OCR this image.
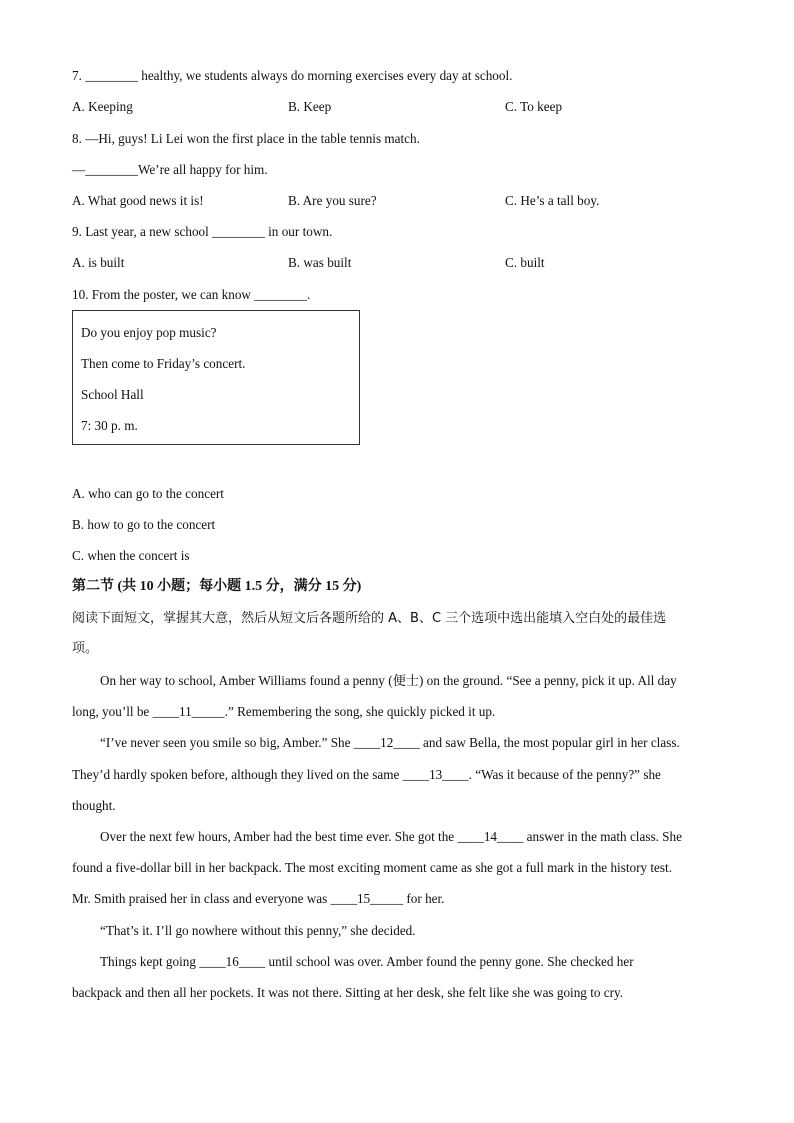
7. ________ healthy, we students always do morning exercises every day at school.
A. Keeping	B. Keep	C. To keep
8. —Hi, guys! Li Lei won the first place in the table tennis match.
—________We’re all happy for him.
A. What good news it is!	B. Are you sure?	C. He’s a tall boy.
9. Last year, a new school ________ in our town.
A. is built	B. was built	C. built
10. From the poster, we can know ________.
Do you enjoy pop music?
Then come to Friday’s concert.
School Hall
7: 30 p. m.
A. who can go to the concert
B. how to go to the concert
C. when the concert is
第二节 (共 10 小题；每小题 1.5 分，满分 15 分)
阅读下面短文，掌握其大意，然后从短文后各题所给的 A、B、C 三个选项中选出能填入空白处的最佳选
项。
On her way to school, Amber Williams found a penny (便士) on the ground. “See a penny, pick it up. All day
long, you’ll be ____11_____.” Remembering the song, she quickly picked it up.
“I’ve never seen you smile so big, Amber.” She ____12____ and saw Bella, the most popular girl in her class.
They’d hardly spoken before, although they lived on the same ____13____. “Was it because of the penny?” she
thought.
Over the next few hours, Amber had the best time ever. She got the ____14____ answer in the math class. She
found a five-dollar bill in her backpack. The most exciting moment came as she got a full mark in the history test.
Mr. Smith praised her in class and everyone was ____15_____ for her.
“That’s it. I’ll go nowhere without this penny,” she decided.
Things kept going ____16____ until school was over. Amber found the penny gone. She checked her
backpack and then all her pockets. It was not there. Sitting at her desk, she felt like she was going to cry.
